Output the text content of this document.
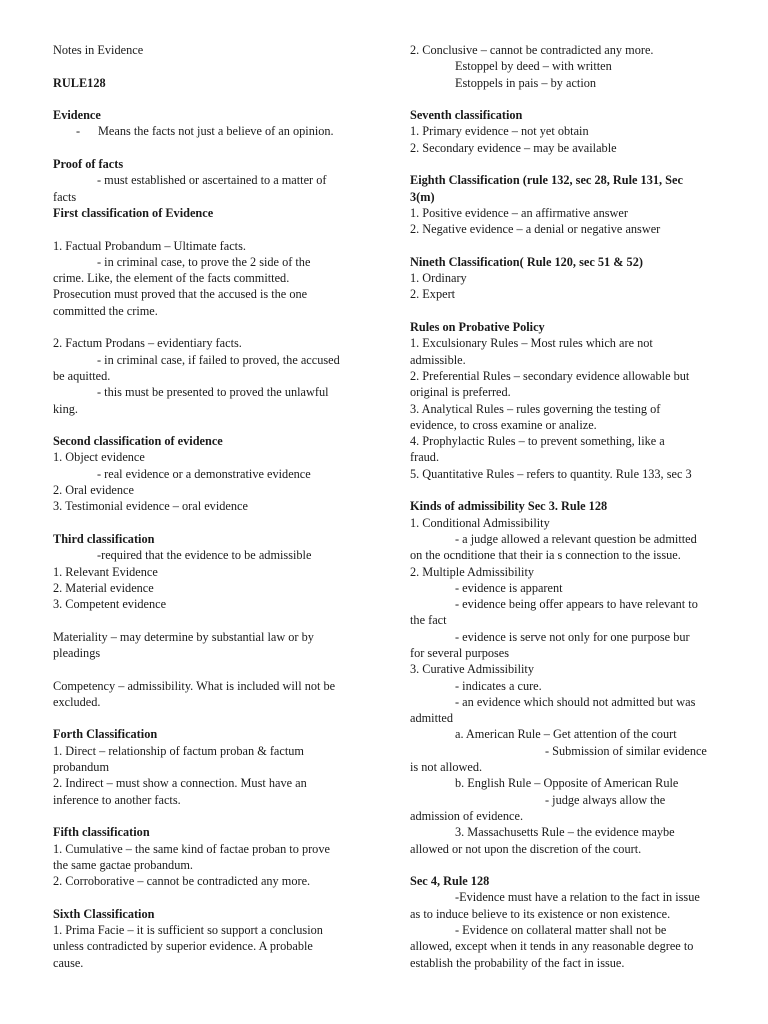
Notes in Evidence
RULE128
Evidence
- Means the facts not just a believe of an opinion.
Proof of facts
- must established or ascertained to a matter of
facts
First classification of Evidence
1. Factual Probandum – Ultimate facts.
- in criminal case, to prove the 2 side of the
crime. Like, the element of the facts committed.
Prosecution must proved that the accused is the one
committed the crime.
2. Factum Prodans – evidentiary facts.
- in criminal case, if failed to proved, the accused
be aquitted.
- this must be presented to proved the unlawful
king.
Second classification of evidence
1. Object evidence
- real evidence or a demonstrative evidence
2. Oral evidence
3. Testimonial evidence – oral evidence
Third classification
-required that the evidence to be admissible
1. Relevant Evidence
2. Material evidence
3. Competent evidence
Materiality – may determine by substantial law or by
pleadings
Competency – admissibility. What is included will not be
excluded.
Forth Classification
1. Direct – relationship of factum proban & factum
probandum
2. Indirect – must show a connection. Must have an
inference to another facts.
Fifth classification
1. Cumulative – the same kind of factae proban to prove
the same gactae probandum.
2. Corroborative – cannot be contradicted any more.
Sixth Classification
1. Prima Facie – it is sufficient so support a conclusion
unless contradicted by superior evidence. A probable
cause.
2. Conclusive – cannot be contradicted any more.
Estoppel by deed – with written
Estoppels in pais – by action
Seventh classification
1. Primary evidence – not yet obtain
2. Secondary evidence – may be available
Eighth Classification (rule 132, sec 28, Rule 131, Sec
3(m)
1. Positive evidence – an affirmative answer
2. Negative evidence – a denial or negative answer
Nineth Classification( Rule 120, sec 51 & 52)
1. Ordinary
2. Expert
Rules on Probative Policy
1. Exculsionary Rules – Most rules which are not
admissible.
2. Preferential Rules – secondary evidence allowable but
original is preferred.
3. Analytical Rules – rules governing the testing of
evidence, to cross examine or analize.
4. Prophylactic Rules – to prevent something, like a
fraud.
5. Quantitative Rules – refers to quantity. Rule 133, sec 3
Kinds of admissibility Sec 3. Rule 128
1. Conditional Admissibility
- a judge allowed a relevant question be admitted
on the ocnditione that their ia s connection to the issue.
2. Multiple Admissibility
- evidence is apparent
- evidence being offer appears to have relevant to
the fact
- evidence is serve not only for one purpose bur
for several purposes
3. Curative Admissibility
- indicates a cure.
- an evidence which should not admitted but was
admitted
a. American Rule – Get attention of the court
- Submission of similar evidence
is not allowed.
b. English Rule – Opposite of American Rule
- judge always allow the
admission of evidence.
3. Massachusetts Rule – the evidence maybe
allowed or not upon the discretion of the court.
Sec 4, Rule 128
-Evidence must have a relation to the fact in issue
as to induce believe to its existence or non existence.
- Evidence on collateral matter shall not be
allowed, except when it tends in any reasonable degree to
establish the probability of the fact in issue.
